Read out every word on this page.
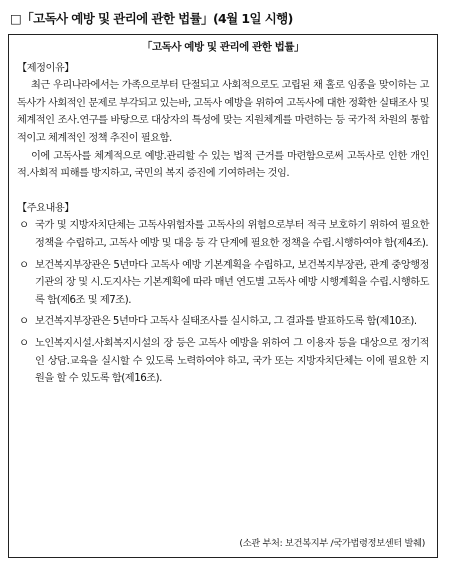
□「고독사 예방 및 관리에 관한 법률」(4월 1일 시행)
「고독사 예방 및 관리에 관한 법률」
【제정이유】

최근 우리나라에서는 가족으로부터 단절되고 사회적으로도 고립된 채 홀로 임종을 맞이하는 고독사가 사회적인 문제로 부각되고 있는바, 고독사 예방을 위하여 고독사에 대한 정확한 실태조사 및 체계적인 조사․연구를 바탕으로 대상자의 특성에 맞는 지원체계를 마련하는 등 국가적 차원의 통합적이고 체계적인 정책 추진이 필요함.

이에 고독사를 체계적으로 예방․관리할 수 있는 법적 근거를 마련함으로써 고독사로 인한 개인적․사회적 피해를 방지하고, 국민의 복지 증진에 기여하려는 것임.

【주요내용】
ㅇ 국가 및 지방자치단체는 고독사위험자를 고독사의 위험으로부터 적극 보호하기 위하여 필요한 정책을 수립하고, 고독사 예방 및 대응 등 각 단계에 필요한 정책을 수립․시행하여야 함(제4조).
ㅇ 보건복지부장관은 5년마다 고독사 예방 기본계획을 수립하고, 보건복지부장관, 관계 중앙행정기관의 장 및 시․도지사는 기본계획에 따라 매년 연도별 고독사 예방 시행계획을 수립․시행하도록 함(제6조 및 제7조).
ㅇ 보건복지부장관은 5년마다 고독사 실태조사를 실시하고, 그 결과를 발표하도록 함(제10조).
ㅇ 노인복지시설․사회복지시설의 장 등은 고독사 예방을 위하여 그 이용자 등을 대상으로 정기적인 상담․교육을 실시할 수 있도록 노력하여야 하고, 국가 또는 지방자치단체는 이에 필요한 지원을 할 수 있도록 함(제16조).
(소관 부처: 보건복지부 /국가법령정보센터 발췌)
